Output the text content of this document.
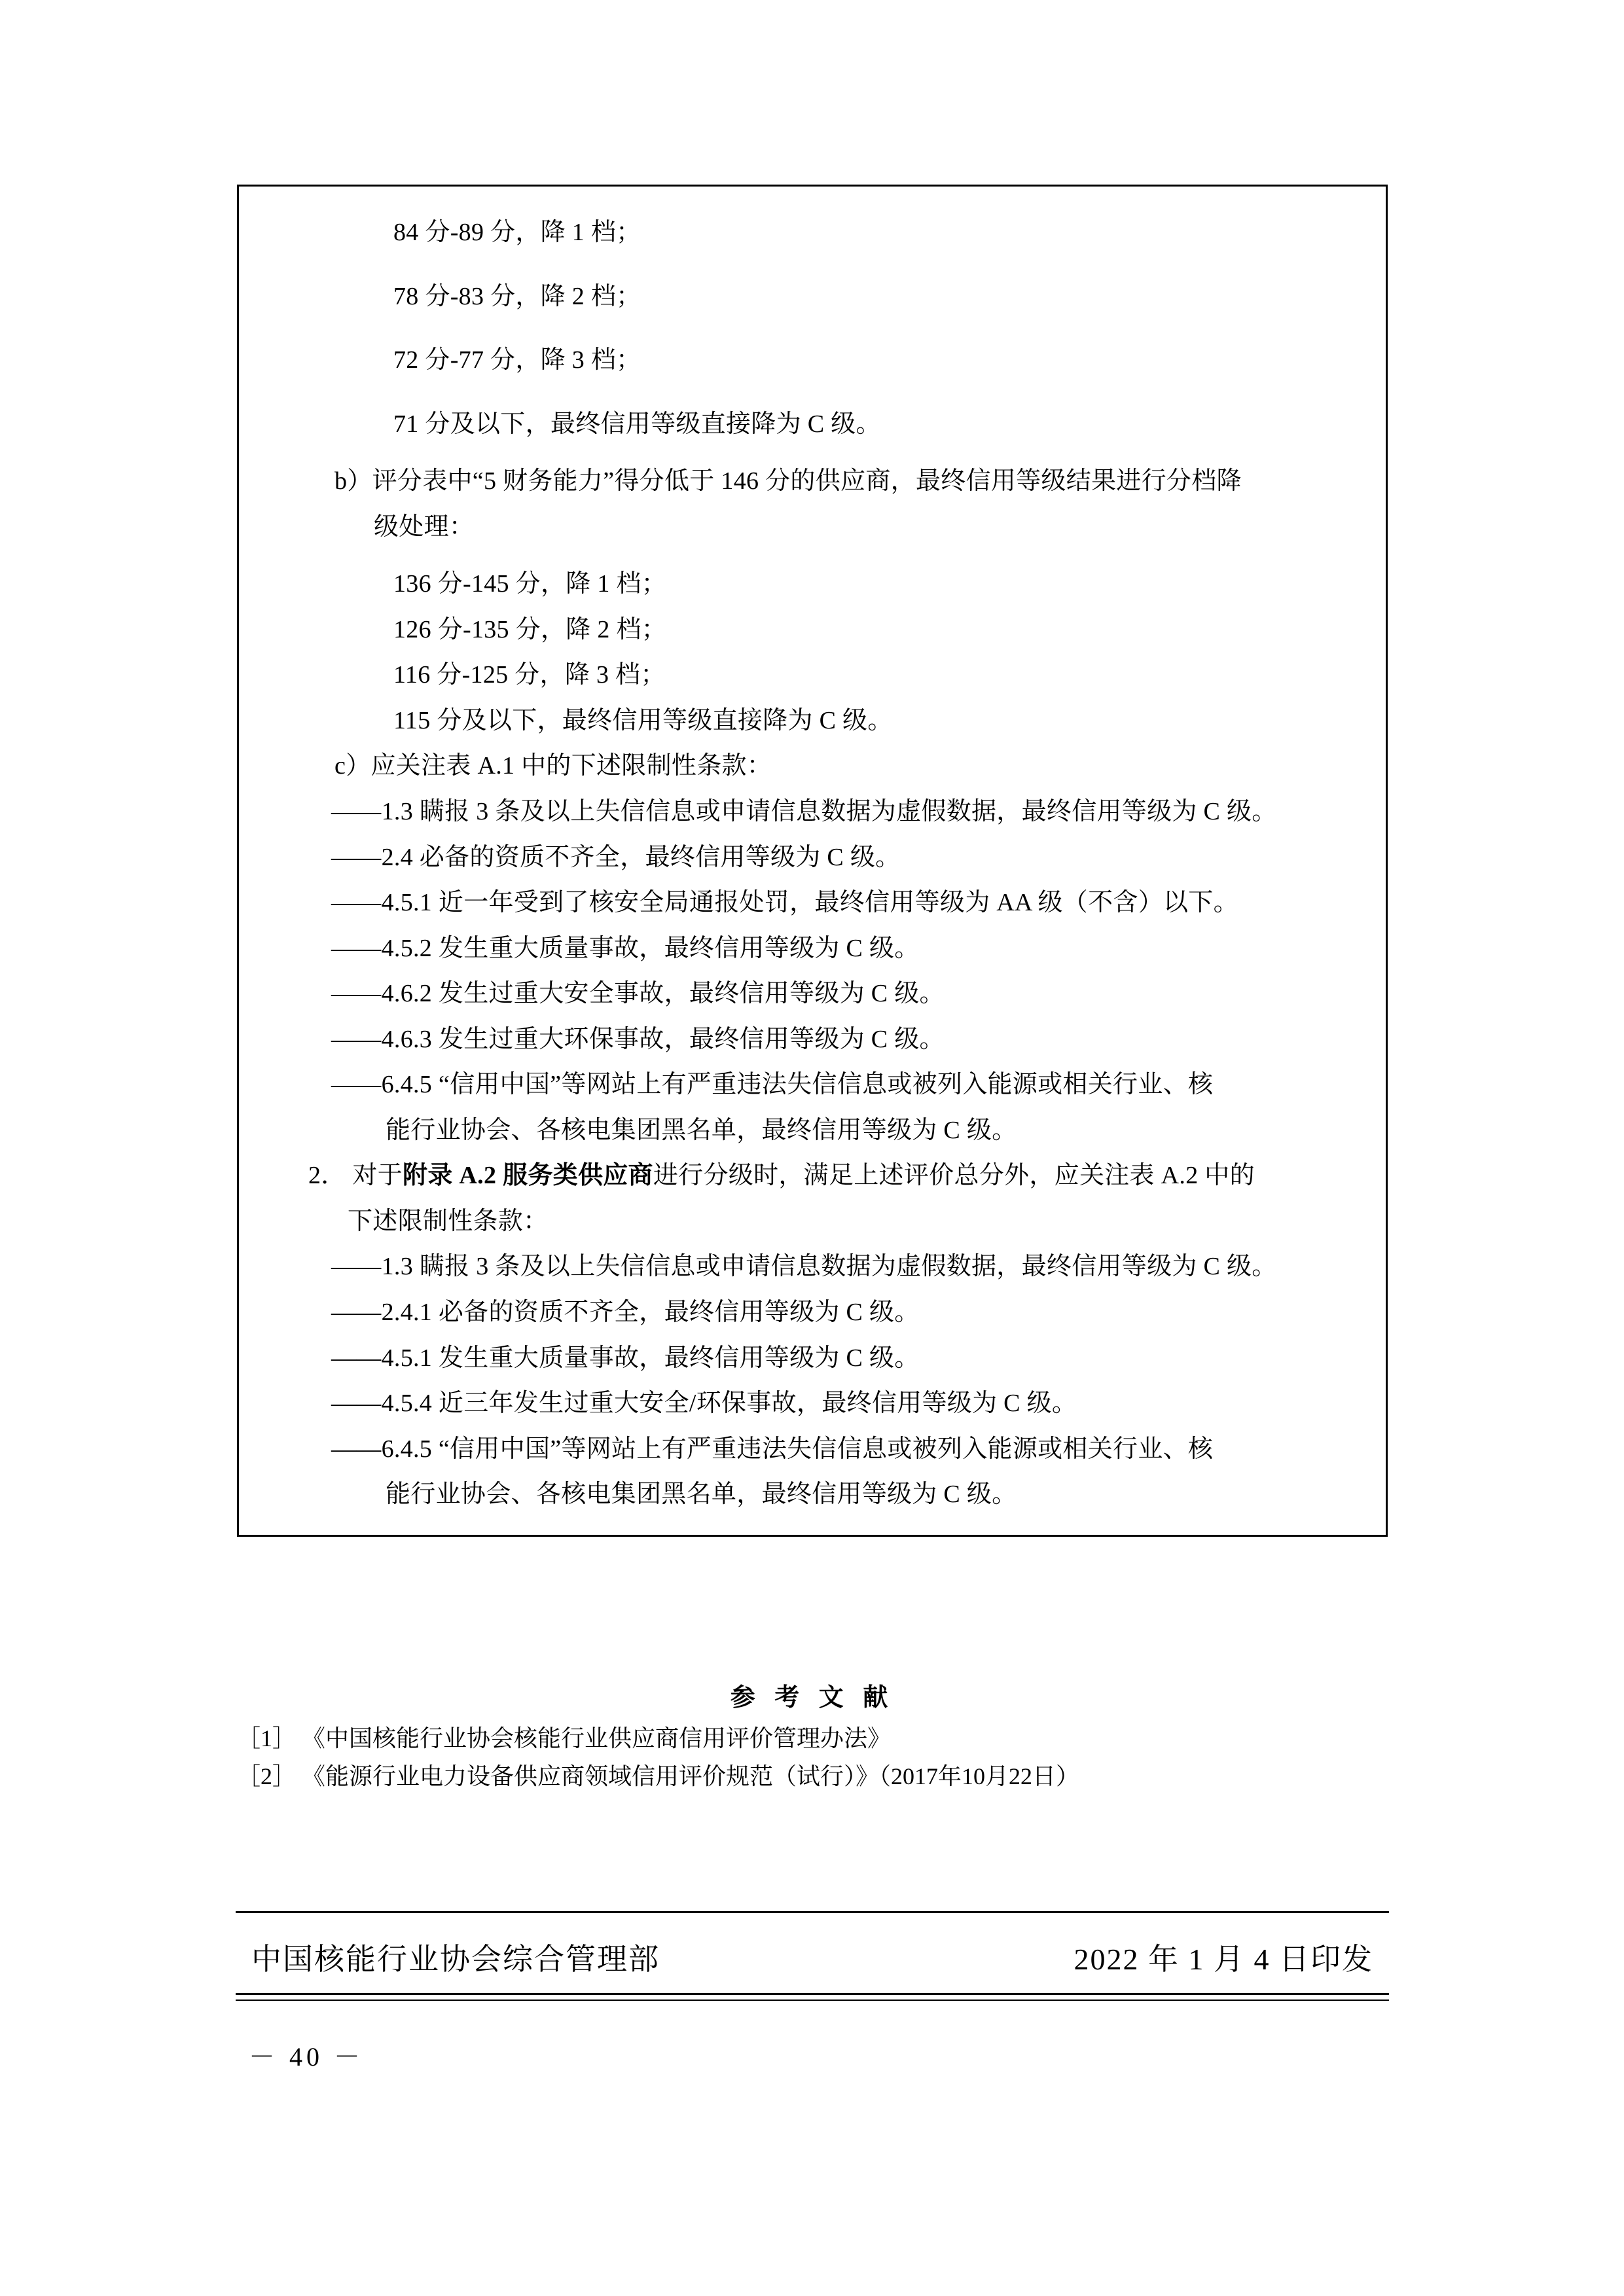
84 分-89 分，降 1 档；
78 分-83 分，降 2 档；
72 分-77 分，降 3 档；
71 分及以下，最终信用等级直接降为 C 级。
b）评分表中“5 财务能力”得分低于 146 分的供应商，最终信用等级结果进行分档降
级处理：
136 分-145 分，降 1 档；
126 分-135 分，降 2 档；
116 分-125 分，降 3 档；
115 分及以下，最终信用等级直接降为 C 级。
c）应关注表 A.1 中的下述限制性条款：
——1.3 瞒报 3 条及以上失信信息或申请信息数据为虚假数据，最终信用等级为 C 级。
——2.4 必备的资质不齐全，最终信用等级为 C 级。
——4.5.1 近一年受到了核安全局通报处罚，最终信用等级为 AA 级（不含）以下。
——4.5.2 发生重大质量事故，最终信用等级为 C 级。
——4.6.2 发生过重大安全事故，最终信用等级为 C 级。
——4.6.3 发生过重大环保事故，最终信用等级为 C 级。
——6.4.5 “信用中国”等网站上有严重违法失信信息或被列入能源或相关行业、核
能行业协会、各核电集团黑名单，最终信用等级为 C 级。
2． 对于附录 A.2 服务类供应商进行分级时，满足上述评价总分外，应关注表 A.2 中的
下述限制性条款：
——1.3 瞒报 3 条及以上失信信息或申请信息数据为虚假数据，最终信用等级为 C 级。
——2.4.1 必备的资质不齐全，最终信用等级为 C 级。
——4.5.1 发生重大质量事故，最终信用等级为 C 级。
——4.5.4 近三年发生过重大安全/环保事故，最终信用等级为 C 级。
——6.4.5 “信用中国”等网站上有严重违法失信信息或被列入能源或相关行业、核
能行业协会、各核电集团黑名单，最终信用等级为 C 级。
参 考 文 献
［1］ 《中国核能行业协会核能行业供应商信用评价管理办法》
［2］ 《能源行业电力设备供应商领域信用评价规范（试行）》（2017年10月22日）
中国核能行业协会综合管理部	2022 年 1 月 4 日印发
－ 40 －
